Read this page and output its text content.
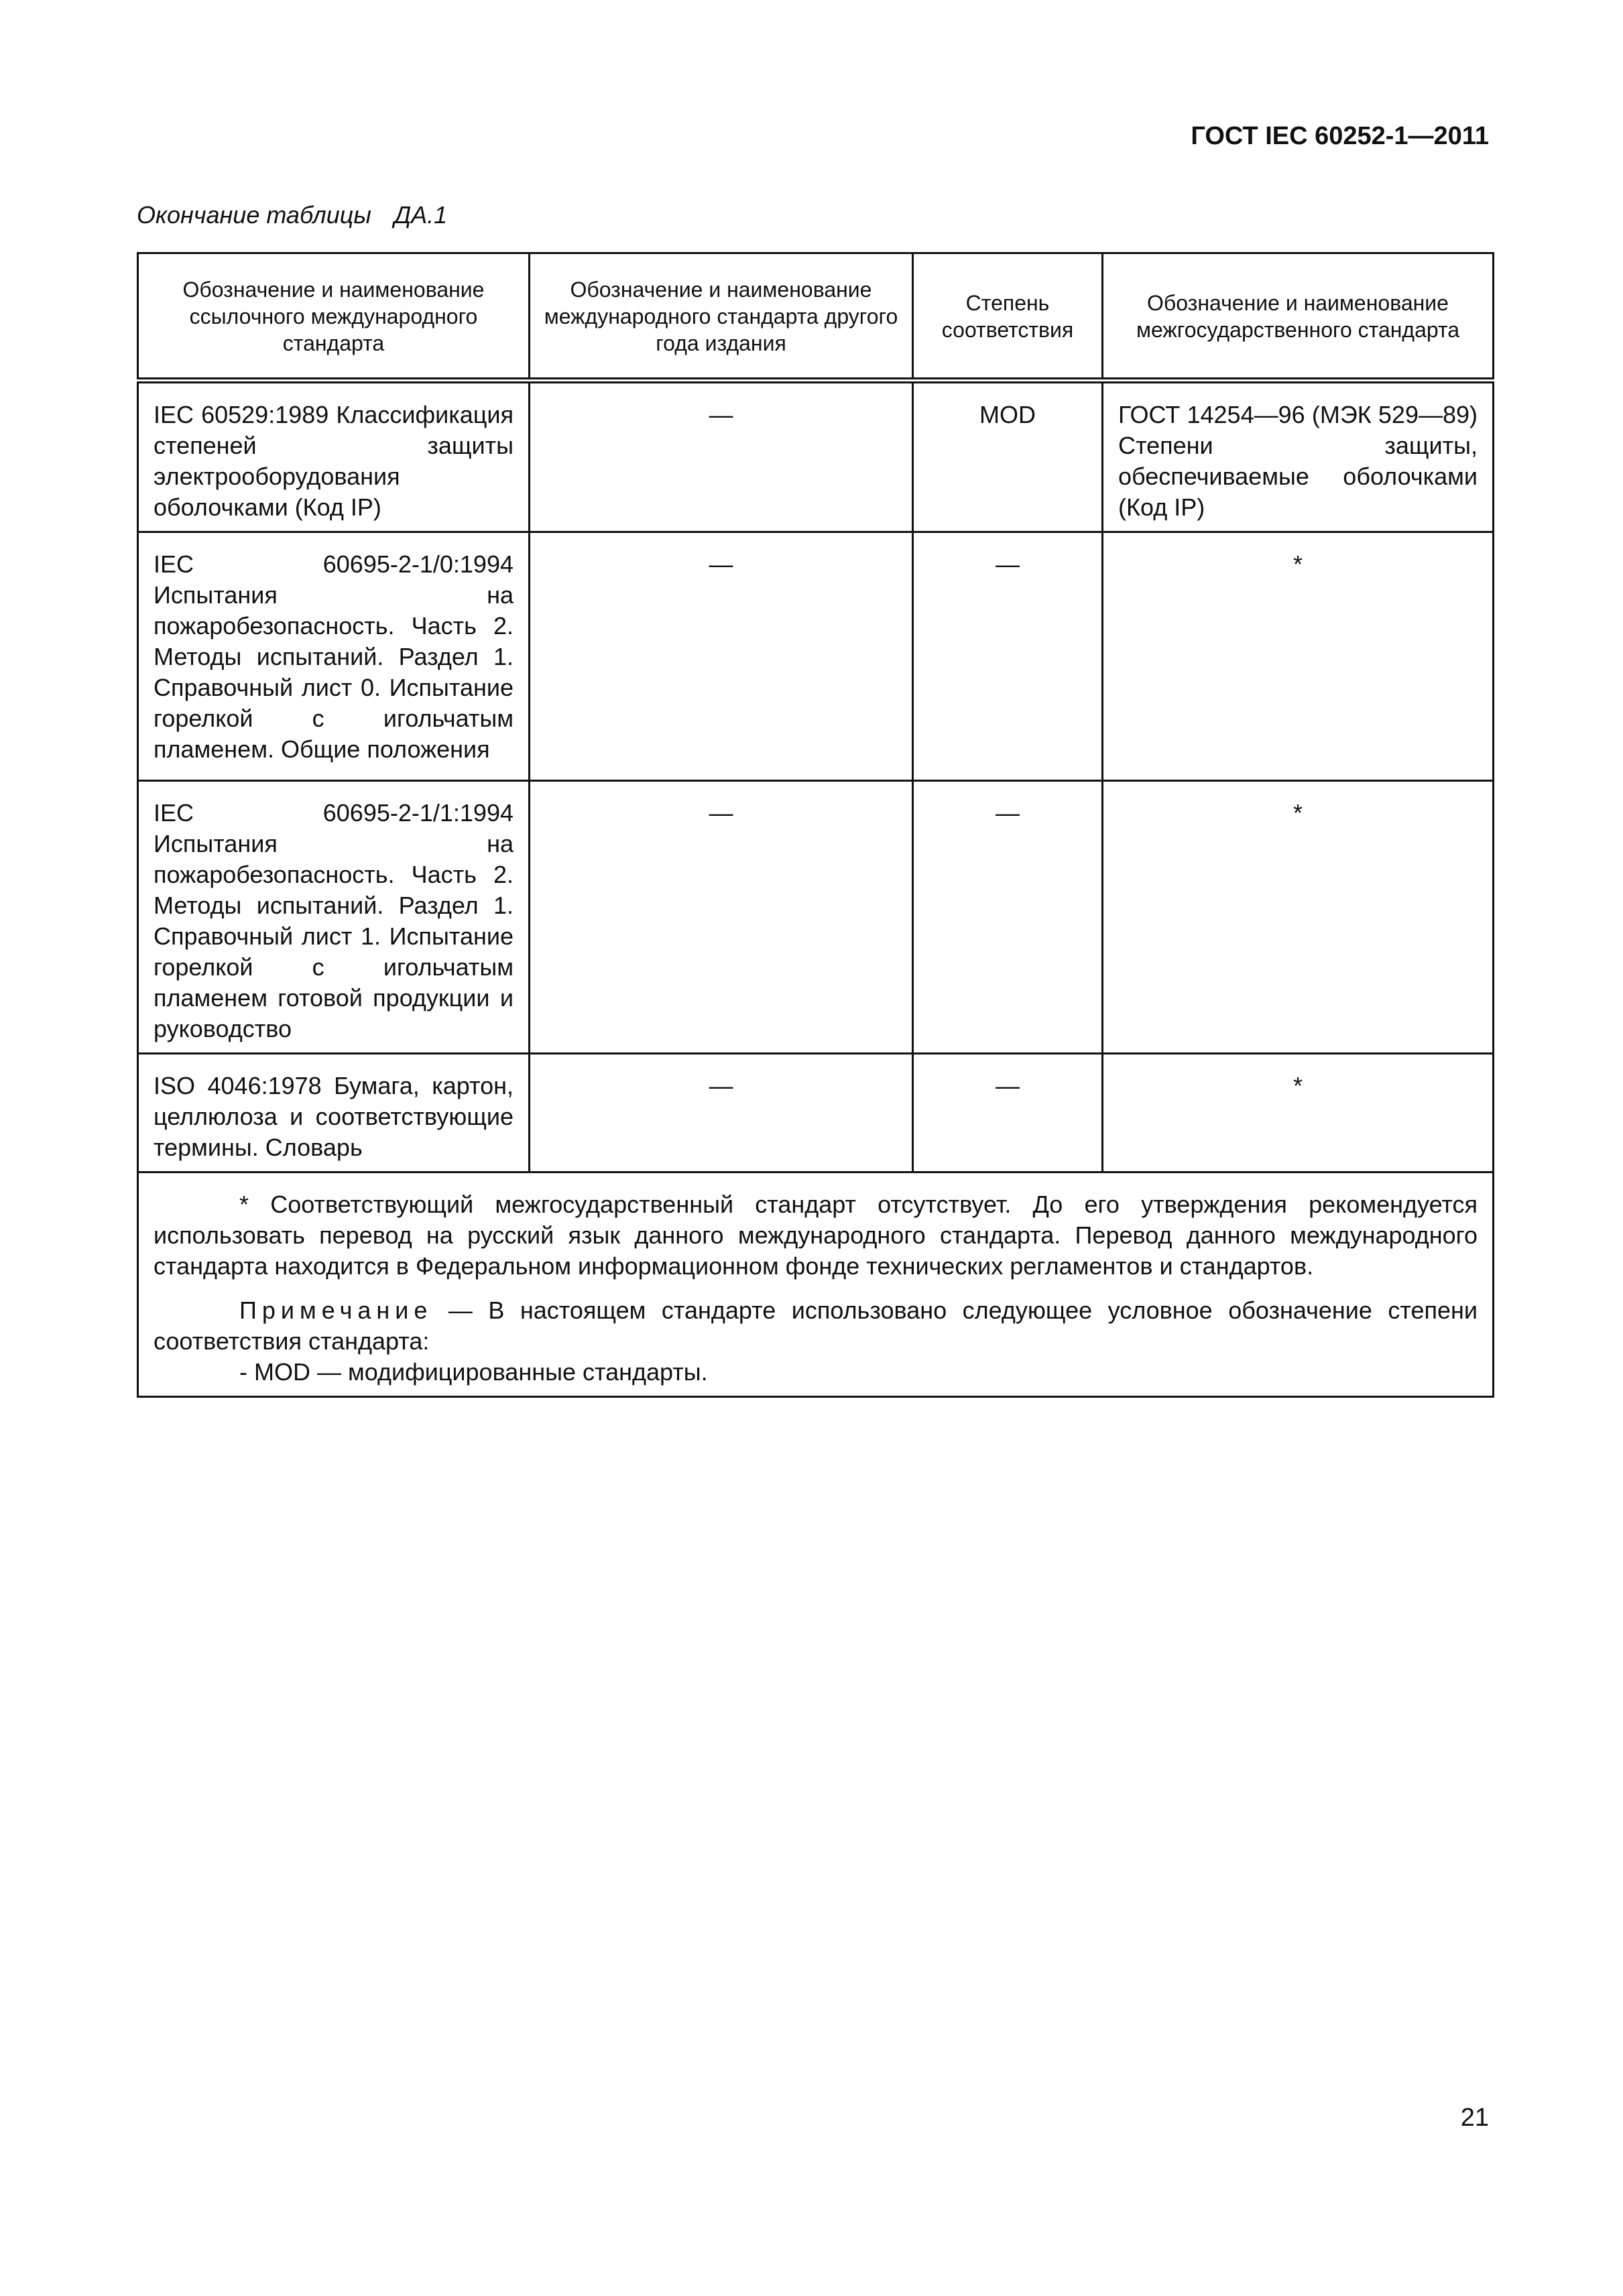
ГОСТ IEC 60252-1—2011
Окончание таблицы ДА.1
Обозначение и наименование ссылочного международного стандарта	Обозначение и наименование международного стандарта другого года издания	Степень соответствия	Обозначение и наименование межгосударственного стандарта
IEC 60529:1989 Классификация степеней защиты электрооборудования оболочками (Код IP)	—	MOD	ГОСТ 14254—96 (МЭК 529—89) Степени защиты, обеспечиваемые оболочками (Код IP)
IEC 60695-2-1/0:1994 Испытания на пожаробезопасность. Часть 2. Методы испытаний. Раздел 1. Справочный лист 0. Испытание горелкой с игольчатым пламенем. Общие положения	—	—	*
IEC 60695-2-1/1:1994 Испытания на пожаробезопасность. Часть 2. Методы испытаний. Раздел 1. Справочный лист 1. Испытание горелкой с игольчатым пламенем готовой продукции и руководство	—	—	*
ISO 4046:1978 Бумага, картон, целлюлоза и соответствующие термины. Словарь	—	—	*

* Соответствующий межгосударственный стандарт отсутствует. До его утверждения рекомендуется использовать перевод на русский язык данного международного стандарта. Перевод данного международного стандарта находится в Федеральном информационном фонде технических регламентов и стандартов.

Примечание — В настоящем стандарте использовано следующее условное обозначение степени соответствия стандарта:

- MOD — модифицированные стандарты.			

21
